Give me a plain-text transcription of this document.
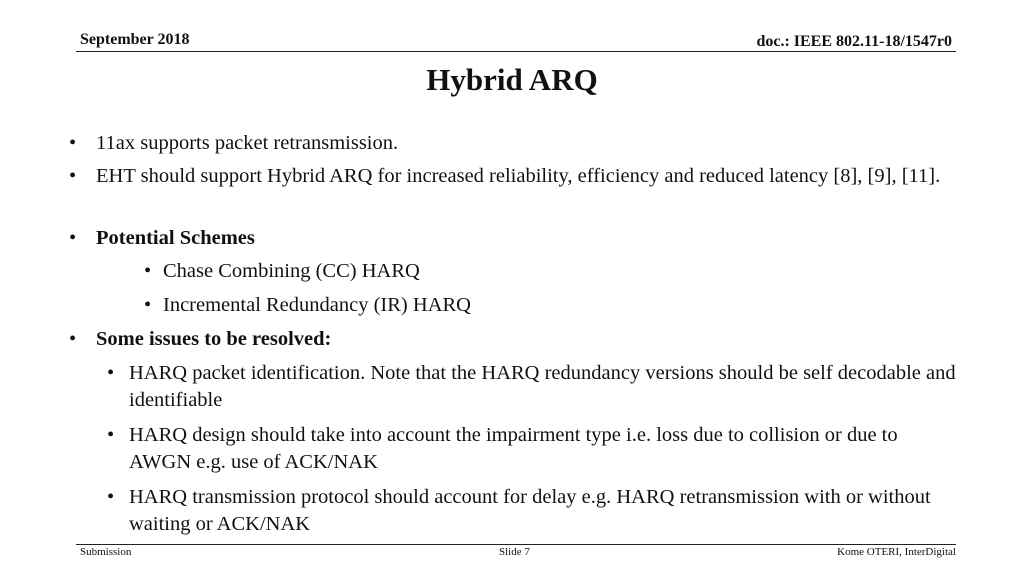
September 2018	doc.: IEEE 802.11-18/1547r0
Hybrid ARQ
• 11ax supports packet retransmission.
• EHT should support Hybrid ARQ for increased reliability, efficiency and reduced latency [8], [9], [11].
• Potential Schemes
• Chase Combining (CC) HARQ
• Incremental Redundancy (IR) HARQ
• Some issues to be resolved:
• HARQ packet identification. Note that the HARQ redundancy versions should be self decodable and identifiable
• HARQ design should take into account the impairment type i.e. loss due to collision or due to AWGN e.g. use of ACK/NAK
• HARQ transmission protocol should account for delay e.g. HARQ retransmission with or without waiting or ACK/NAK
Submission	Slide 7	Kome OTERI, InterDigital
